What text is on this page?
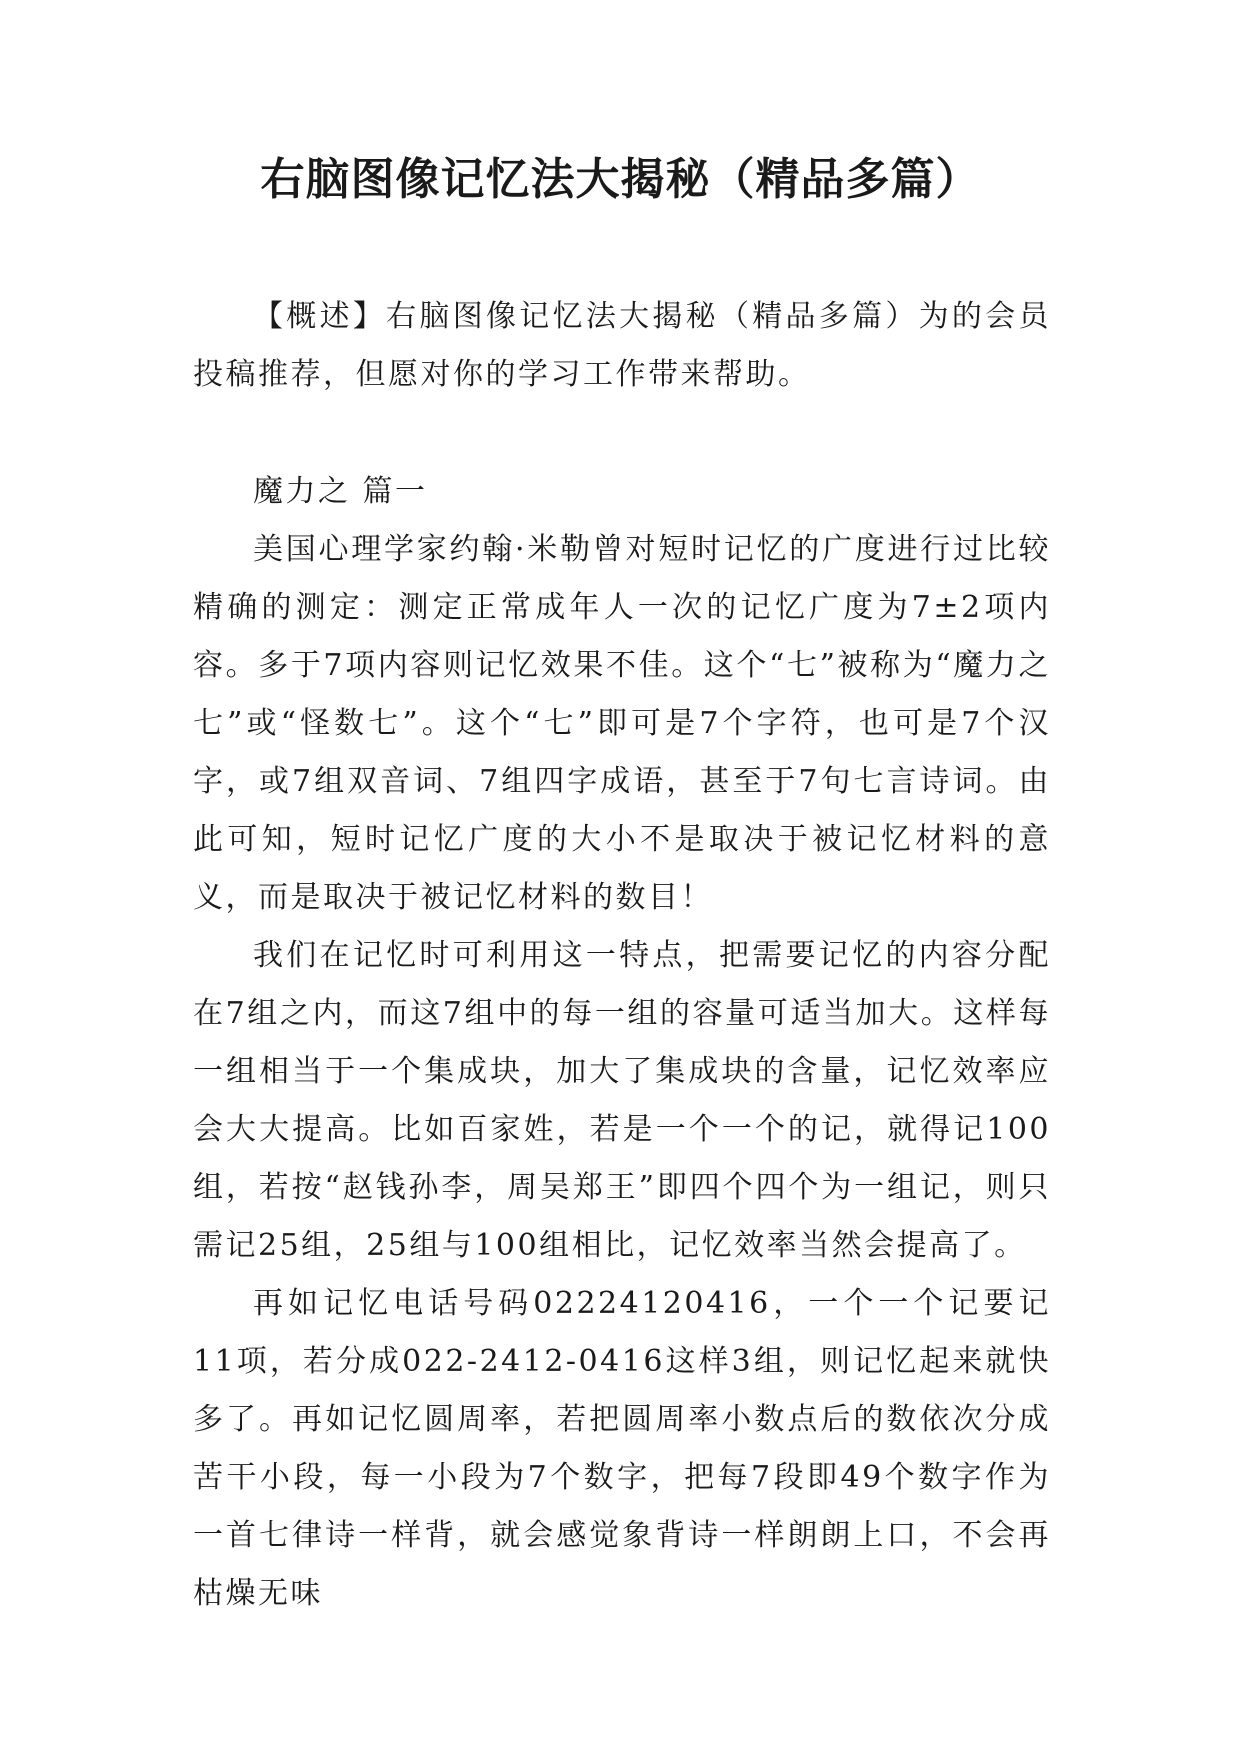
右脑图像记忆法大揭秘（精品多篇）

【概述】右脑图像记忆法大揭秘（精品多篇）为的会员投稿推荐，但愿对你的学习工作带来帮助。

魔力之 篇一

美国心理学家约翰·米勒曾对短时记忆的广度进行过比较精确的测定：测定正常成年人一次的记忆广度为7±2项内容。多于7项内容则记忆效果不佳。这个“七”被称为“魔力之七”或“怪数七”。这个“七”即可是7个字符，也可是7个汉字，或7组双音词、7组四字成语，甚至于7句七言诗词。由此可知，短时记忆广度的大小不是取决于被记忆材料的意义，而是取决于被记忆材料的数目！

我们在记忆时可利用这一特点，把需要记忆的内容分配在7组之内，而这7组中的每一组的容量可适当加大。这样每一组相当于一个集成块，加大了集成块的含量，记忆效率应会大大提高。比如百家姓，若是一个一个的记，就得记100组，若按“赵钱孙李，周吴郑王”即四个四个为一组记，则只需记25组，25组与100组相比，记忆效率当然会提高了。

再如记忆电话号码02224120416，一个一个记要记11项，若分成022-2412-0416这样3组，则记忆起来就快多了。再如记忆圆周率，若把圆周率小数点后的数依次分成苦干小段，每一小段为7个数字，把每7段即49个数字作为一首七律诗一样背，就会感觉象背诗一样朗朗上口，不会再枯燥无味
